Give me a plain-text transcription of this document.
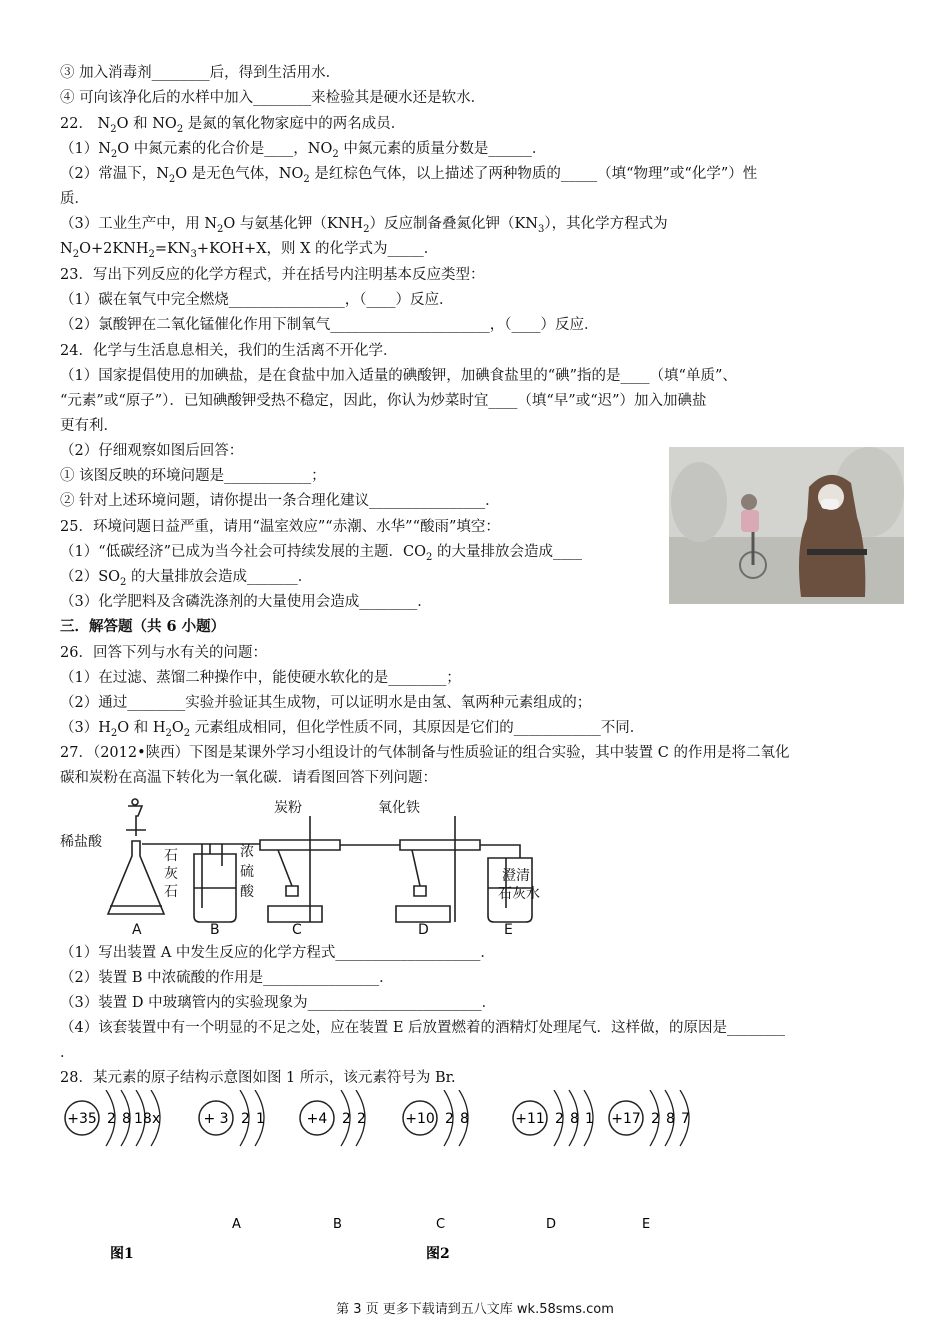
③ 加入消毒剂________后，得到生活用水．
④ 可向该净化后的水样中加入________来检验其是硬水还是软水．
22． $N_2O$ 和 $NO_2$ 是氮的氧化物家庭中的两名成员．
$(1)N_2O$ 中氮元素的化合价是____，$NO_2$ 中氮元素的质量分数是______．
（2）常温下，$N_2O$ 是无色气体，$NO_2$ 是红棕色气体，以上描述了两种物质的_____（填“物理”或“化学”）性
质．
（3）工业生产中，用 $N_2O$ 与氨基化钾$(KNH_2)$反应制备叠氮化钾$(KN_3)$，其化学方程式为
$N_2O+2KNH_2=KN_3+KOH+X$，则 X 的化学式为_____．
23．写出下列反应的化学方程式，并在括号内注明基本反应类型：
（1）碳在氧气中完全燃烧________________，（____）反应．
（2）氯酸钾在二氧化锰催化作用下制氧气______________________，（____）反应．
24．化学与生活息息相关，我们的生活离不开化学．
（1）国家提倡使用的加碘盐，是在食盐中加入适量的碘酸钾，加碘食盐里的“碘”指的是____（填“单质”、
“元素”或“原子”）．已知碘酸钾受热不稳定，因此，你认为炒菜时宜____（填“早”或“迟”）加入加碘盐
更有利．
（2）仔细观察如图后回答：
① 该图反映的环境问题是____________；
② 针对上述环境问题，请你提出一条合理化建议________________．
25．环境问题日益严重，请用“温室效应”“赤潮、水华”“酸雨”填空：
（1）“低碳经济”已成为当今社会可持续发展的主题．$CO_2$ 的大量排放会造成____
$(2)SO_2$ 的大量排放会造成_______．
（3）化学肥料及含磷洗涤剂的大量使用会造成________．
三．解答题（共 6 小题）
26．回答下列与水有关的问题：
（1）在过滤、蒸馏二种操作中，能使硬水软化的是________；
（2）通过________实验并验证其生成物，可以证明水是由氢、氧两种元素组成的；
$(3)H_2O$ 和 $H_2O_2$ 元素组成相同，但化学性质不同，其原因是它们的____________不同．
27．（2012•陕西）下图是某课外学习小组设计的气体制备与性质验证的组合实验，其中装置 C 的作用是将二氧化
碳和炭粉在高温下转化为一氧化碳．请看图回答下列问题：
（1）写出装置 A 中发生反应的化学方程式____________________．
（2）装置 B 中浓硫酸的作用是________________．
（3）装置 D 中玻璃管内的实验现象为________________________．
（4）该套装置中有一个明显的不足之处，应在装置 E 后放置燃着的酒精灯处理尾气．这样做，的原因是________
．
28．某元素的原子结构示意图如图 1 所示，该元素符号为 Br.
稀盐酸
石
灰
石
浓
硫
酸
炭粉	氧化铁
澄清
石灰水
A	B	C	D	E
+35 2 8 18 x	+ 3 2 1
A
+4 2 2
B
+10 2 8
C
+11 2 8 1
D
+17 2 8 7
E
图1	图2
第 3 页 更多下载请到五八文库 wk.58sms.com
